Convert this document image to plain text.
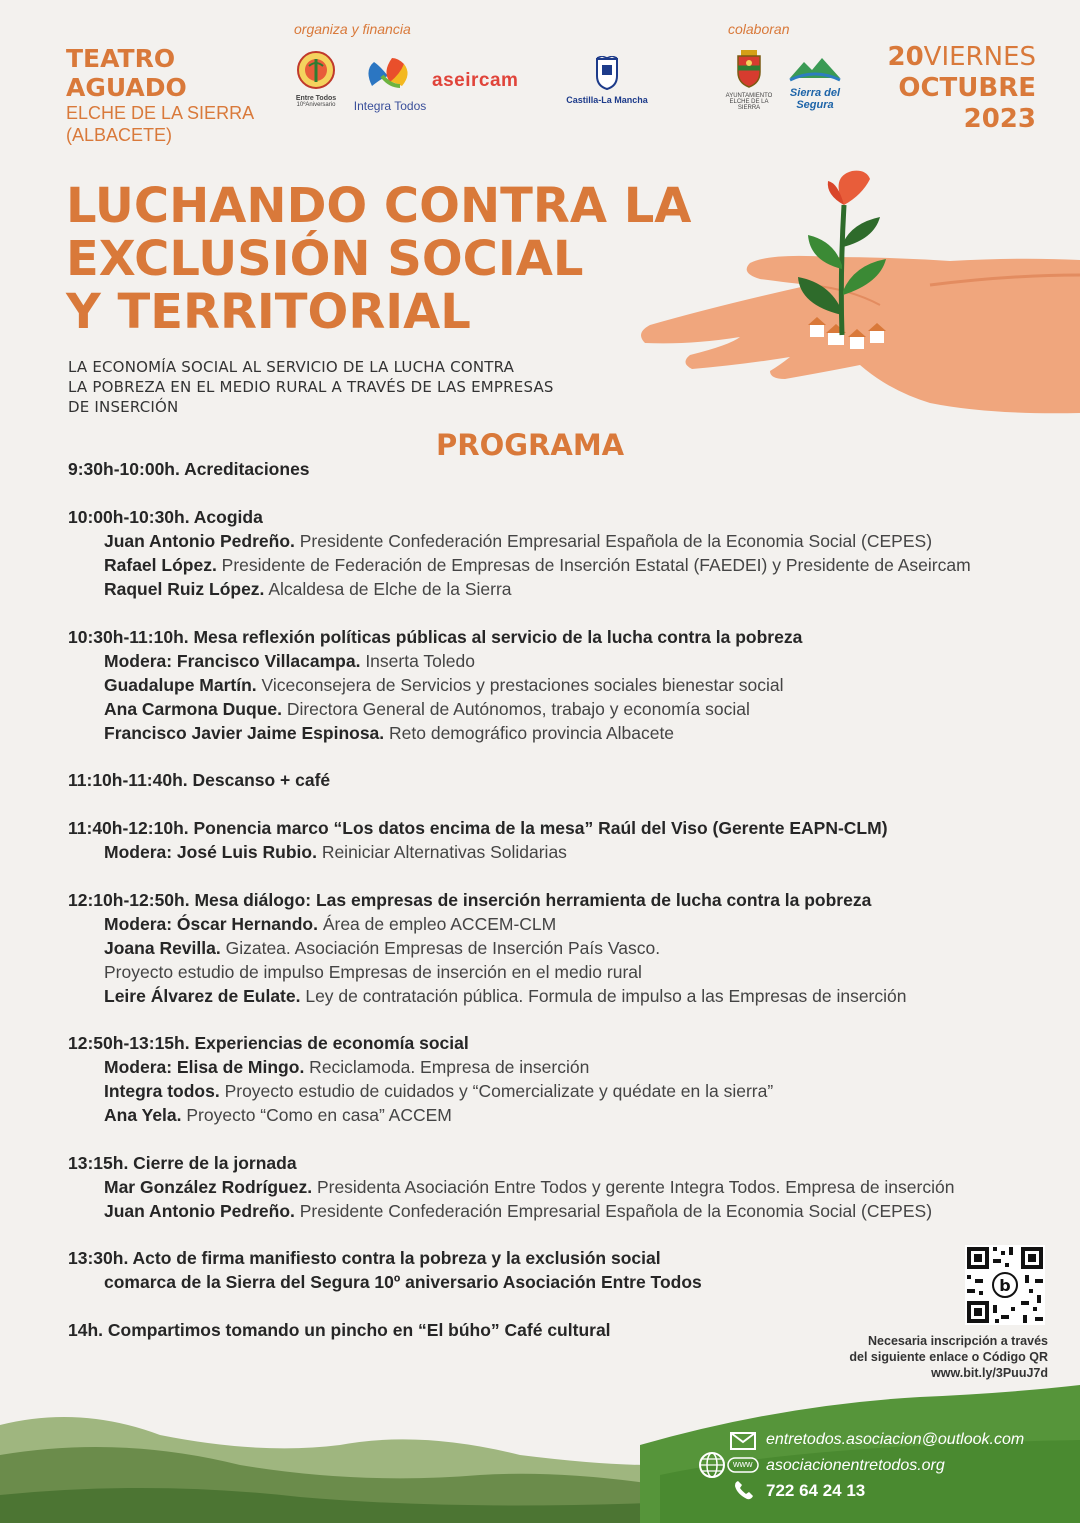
TEATRO
AGUADO
ELCHE DE LA SIERRA
(ALBACETE)
organiza y financia
Entre Todos
10ºAniversario	Integra Todos
aseircam
Castilla-La Mancha
colaboran
AYUNTAMIENTO
ELCHE DE LA SIERRA
Sierra del Segura
20VIERNES
OCTUBRE
2023
LUCHANDO CONTRA LA
EXCLUSIÓN SOCIAL
Y TERRITORIAL
LA ECONOMÍA SOCIAL AL SERVICIO DE LA LUCHA CONTRA
LA POBREZA EN EL MEDIO RURAL A TRAVÉS DE LAS EMPRESAS
DE INSERCIÓN
PROGRAMA
9:30h-10:00h. Acreditaciones
10:00h-10:30h. Acogida
Juan Antonio Pedreño. Presidente Confederación Empresarial Española de la Economia Social (CEPES)
Rafael López. Presidente de Federación de Empresas de Inserción Estatal (FAEDEI) y Presidente de Aseircam
Raquel Ruiz López. Alcaldesa de Elche de la Sierra
10:30h-11:10h. Mesa reflexión políticas públicas al servicio de la lucha contra la pobreza
Modera: Francisco Villacampa. Inserta Toledo
Guadalupe Martín. Viceconsejera de Servicios y prestaciones sociales bienestar social
Ana Carmona Duque. Directora General de Autónomos, trabajo y economía social
Francisco Javier Jaime Espinosa. Reto demográfico provincia Albacete
11:10h-11:40h. Descanso + café
11:40h-12:10h. Ponencia marco “Los datos encima de la mesa” Raúl del Viso (Gerente EAPN-CLM)
Modera: José Luis Rubio. Reiniciar Alternativas Solidarias
12:10h-12:50h. Mesa diálogo: Las empresas de inserción herramienta de lucha contra la pobreza
Modera: Óscar Hernando. Área de empleo ACCEM-CLM
Joana Revilla. Gizatea. Asociación Empresas de Inserción País Vasco.
Proyecto estudio de impulso Empresas de inserción en el medio rural
Leire Álvarez de Eulate. Ley de contratación pública. Formula de impulso a las Empresas de inserción
12:50h-13:15h. Experiencias de economía social
Modera: Elisa de Mingo. Reciclamoda. Empresa de inserción
Integra todos. Proyecto estudio de cuidados y “Comercializate y quédate en la sierra”
Ana Yela. Proyecto “Como en casa” ACCEM
13:15h. Cierre de la jornada
Mar González Rodríguez. Presidenta Asociación Entre Todos y gerente Integra Todos. Empresa de inserción
Juan Antonio Pedreño. Presidente Confederación Empresarial Española de la Economia Social (CEPES)
13:30h. Acto de firma manifiesto contra la pobreza y la exclusión social
comarca de la Sierra del Segura 10º aniversario Asociación Entre Todos
14h. Compartimos tomando un pincho en “El búho” Café cultural
b
Necesaria inscripción a través
del siguiente enlace o Código QR
www.bit.ly/3PuuJ7d
entretodos.asociacion@outlook.com
www asociacionentretodos.org
722 64 24 13
